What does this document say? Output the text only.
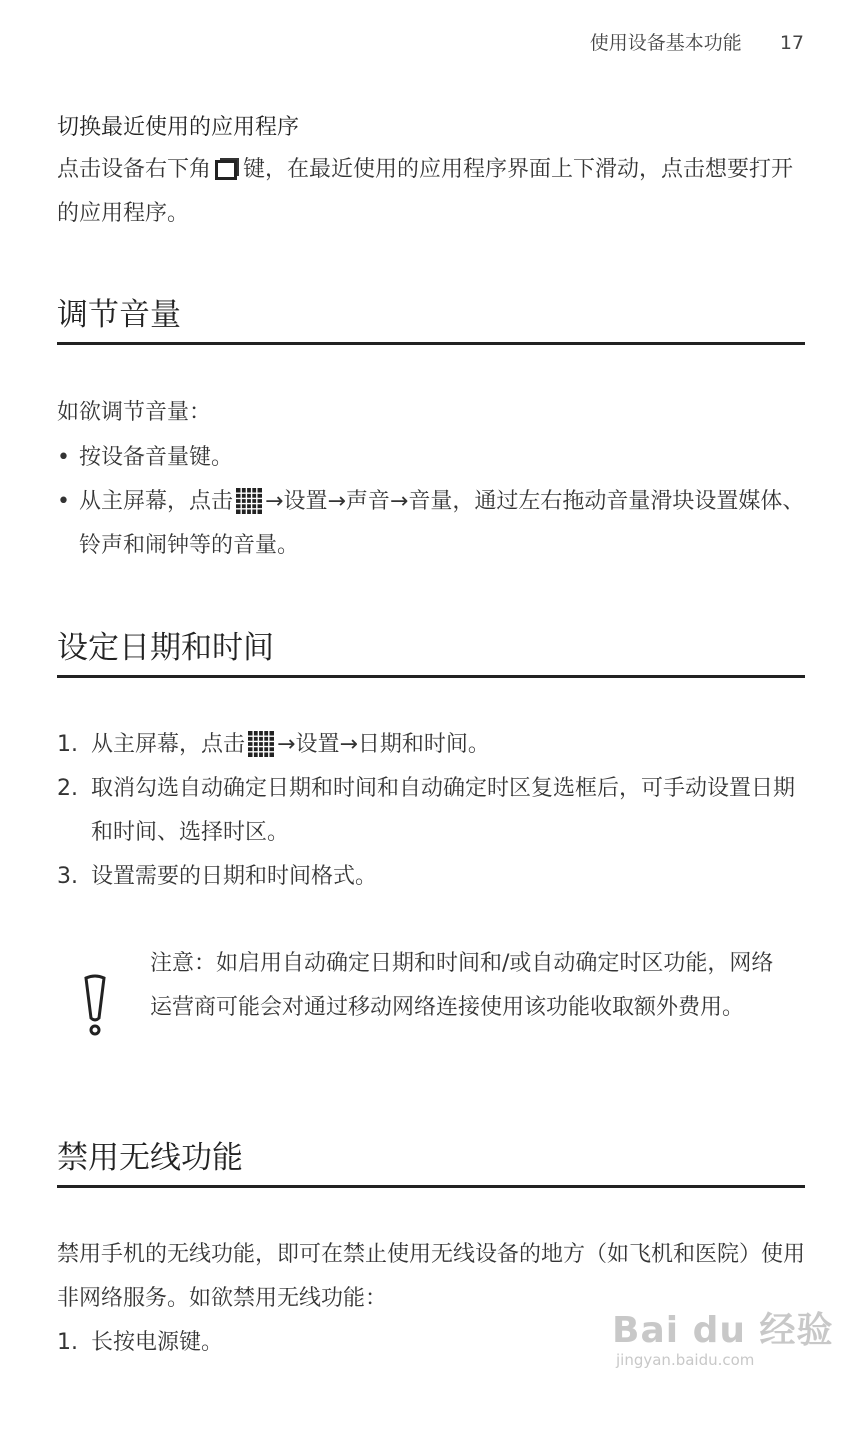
使用设备基本功能 17
切换最近使用的应用程序
点击设备右下角 键，在最近使用的应用程序界面上下滑动，点击想要打开的应用程序。
调节音量
如欲调节音量：
• 按设备音量键。
• 从主屏幕，点击 →设置→声音→音量，通过左右拖动音量滑块设置媒体、铃声和闹钟等的音量。
设定日期和时间
1. 从主屏幕，点击 →设置→日期和时间。
2. 取消勾选自动确定日期和时间和自动确定时区复选框后，可手动设置日期和时间、选择时区。
3. 设置需要的日期和时间格式。
注意：如启用自动确定日期和时间和/或自动确定时区功能，网络运营商可能会对通过移动网络连接使用该功能收取额外费用。
禁用无线功能
禁用手机的无线功能，即可在禁止使用无线设备的地方（如飞机和医院）使用非网络服务。如欲禁用无线功能：
1. 长按电源键。	Bai du 经验
jingyan.baidu.com
